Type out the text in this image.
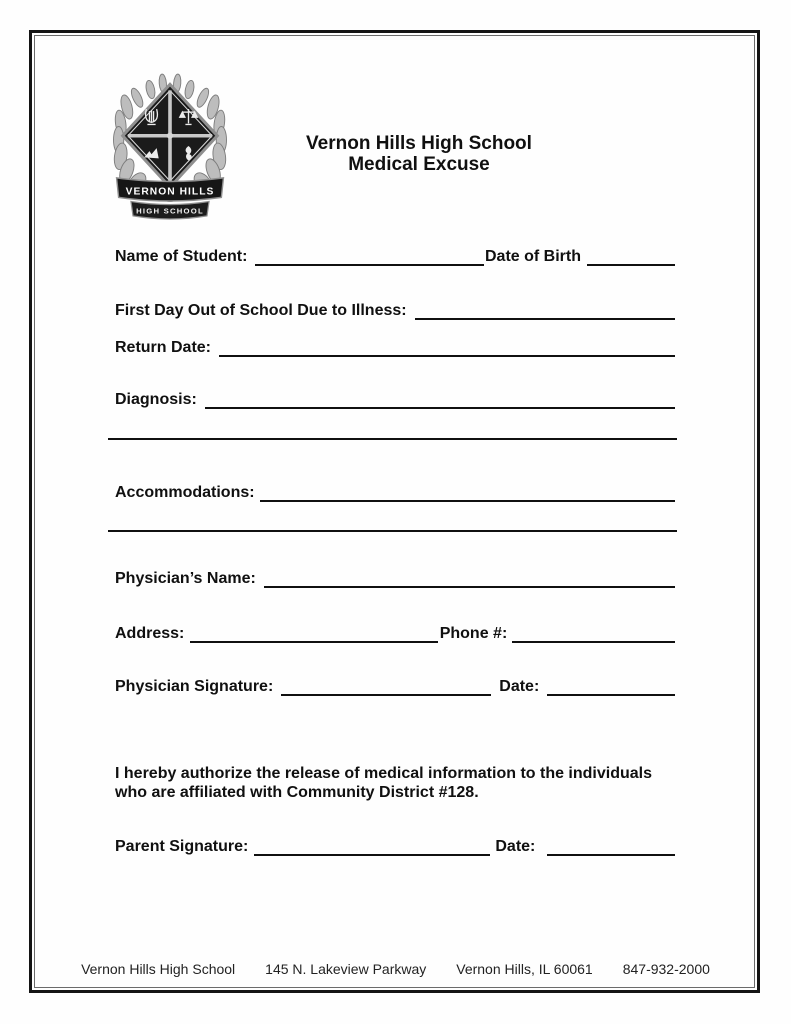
VERNON HILLS
HIGH SCHOOL
Vernon Hills High School
Medical Excuse
Name of Student:	Date of Birth
First Day Out of School Due to Illness:
Return Date:
Diagnosis:
Accommodations:
Physician’s Name:
Address:	Phone #:
Physician Signature:	Date:
I hereby authorize the release of medical information to the individuals who are affiliated with Community District #128.
Parent Signature:	Date:
Vernon Hills High School 145 N. Lakeview Parkway Vernon Hills, IL 60061 847-932-2000
